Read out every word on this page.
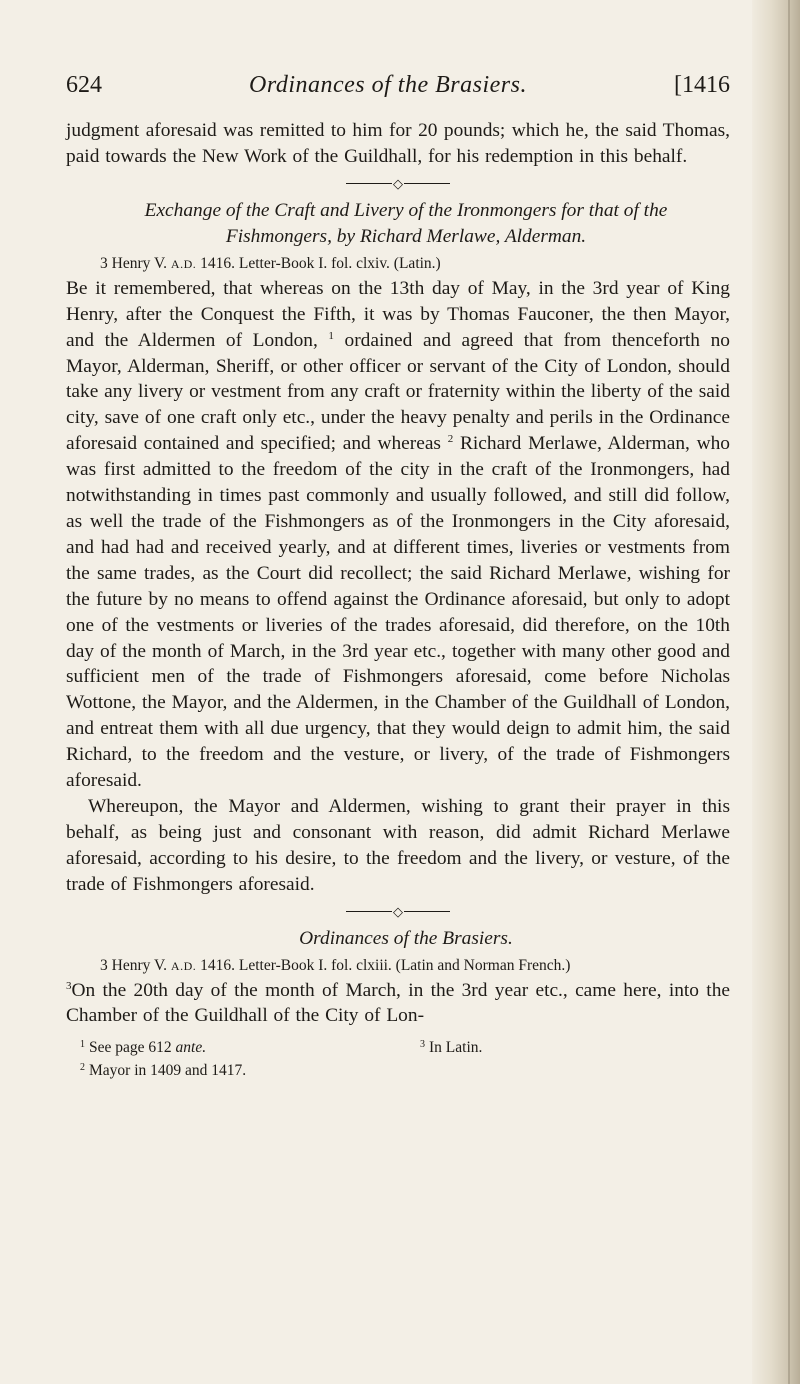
624	Ordinances of the Brasiers.	[1416

judgment aforesaid was remitted to him for 20 pounds; which he, the said Thomas, paid towards the New Work of the Guildhall, for his redemption in this behalf.

◇
Exchange of the Craft and Livery of the Ironmongers for that of the
Fishmongers, by Richard Merlawe, Alderman.
3 Henry V. A.D. 1416. Letter-Book I. fol. clxiv. (Latin.)

Be it remembered, that whereas on the 13th day of May, in the 3rd year of King Henry, after the Conquest the Fifth, it was by Thomas Fauconer, the then Mayor, and the Aldermen of London, $^1$ ordained and agreed that from thenceforth no Mayor, Alderman, Sheriff, or other officer or servant of the City of London, should take any livery or vestment from any craft or fraternity within the liberty of the said city, save of one craft only etc., under the heavy penalty and perils in the Ordinance aforesaid contained and specified; and whereas $^2$ Richard Merlawe, Alderman, who was first admitted to the freedom of the city in the craft of the Ironmongers, had notwithstanding in times past commonly and usually followed, and still did follow, as well the trade of the Fishmongers as of the Ironmongers in the City aforesaid, and had had and received yearly, and at different times, liveries or vestments from the same trades, as the Court did recollect; the said Richard Merlawe, wishing for the future by no means to offend against the Ordinance aforesaid, but only to adopt one of the vestments or liveries of the trades aforesaid, did therefore, on the 10th day of the month of March, in the 3rd year etc., together with many other good and sufficient men of the trade of Fishmongers aforesaid, come before Nicholas Wottone, the Mayor, and the Aldermen, in the Chamber of the Guildhall of London, and entreat them with all due urgency, that they would deign to admit him, the said Richard, to the freedom and the vesture, or livery, of the trade of Fishmongers aforesaid.

Whereupon, the Mayor and Aldermen, wishing to grant their prayer in this behalf, as being just and consonant with reason, did admit Richard Merlawe aforesaid, according to his desire, to the freedom and the livery, or vesture, of the trade of Fishmongers aforesaid.

◇
Ordinances of the Brasiers.
3 Henry V. A.D. 1416. Letter-Book I. fol. clxiii. (Latin and Norman French.)

$^3$On the 20th day of the month of March, in the 3rd year etc., came here, into the Chamber of the Guildhall of the City of Lon-

$^1$ See page 612 ante.	$^3$ In Latin.
$^2$ Mayor in 1409 and 1417.
